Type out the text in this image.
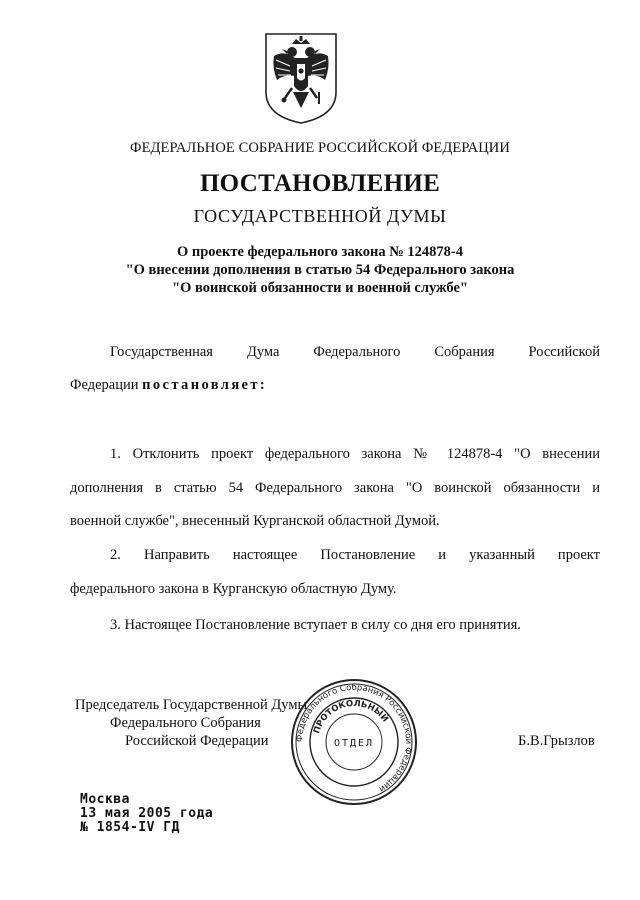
ФЕДЕРАЛЬНОЕ СОБРАНИЕ РОССИЙСКОЙ ФЕДЕРАЦИИ
ПОСТАНОВЛЕНИЕ
ГОСУДАРСТВЕННОЙ ДУМЫ
О проекте федерального закона № 124878-4
"О внесении дополнения в статью 54 Федерального закона
"О воинской обязанности и военной службе"
Государственная Дума Федерального Собрания Российской
Федерации постановляет:
1. Отклонить проект федерального закона № 124878-4 "О внесении
дополнения в статью 54 Федерального закона "О воинской обязанности и
военной службе", внесенный Курганской областной Думой.
2. Направить настоящее Постановление и указанный проект
федерального закона в Курганскую областную Думу.
3. Настоящее Постановление вступает в силу со дня его принятия.
Председатель Государственной Думы
Федерального Собрания
Российской Федерации	Б.В.Грызлов
Федерального Собрания Российской Федерации
ПРОТОКОЛЬНЫЙ
ОТДЕЛ
Москва
13 мая 2005 года
№ 1854-IV ГД
